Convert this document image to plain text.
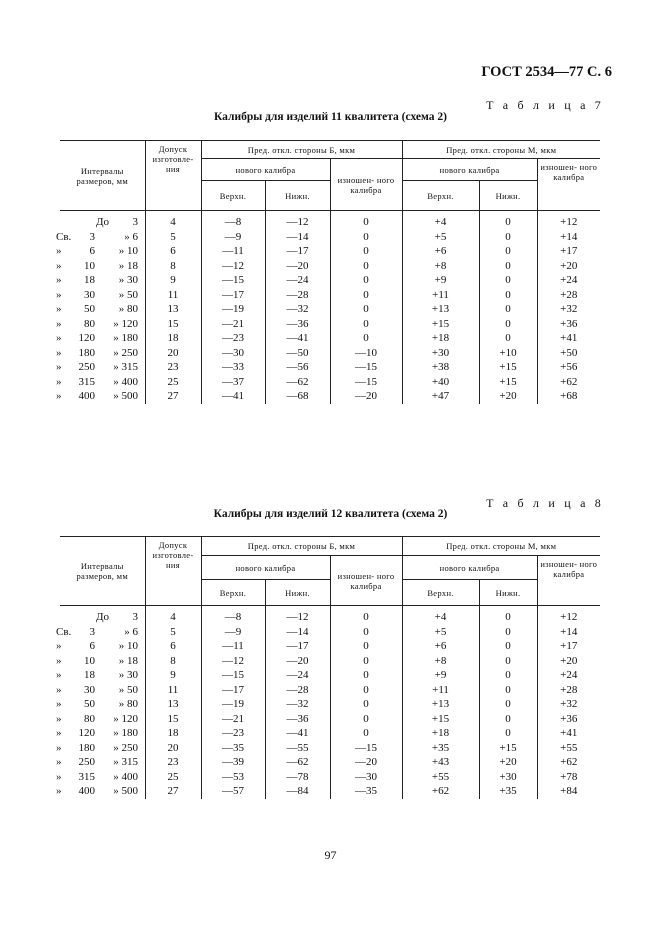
ГОСТ 2534—77 С. 6
Т а б л и ц а 7
Калибры для изделий 11 квалитета (схема 2)
Интервалы размеров, мм	Допуск изготовле- ния	Пред. откл. стороны Б, мкм			Пред. откл. стороны М, мкм		
		нового калибра		изношен- ного калибра	нового калибра		изношен- ного калибра
		Верхн.	Нижн.		Верхн.	Нижн.	

До 3	4	—8	—12	0	+4	0	+12

Св. 3 » 6	5	—9	—14	0	+5	0	+14

» 6 » 10	6	—11	—17	0	+6	0	+17

» 10 » 18	8	—12	—20	0	+8	0	+20

» 18 » 30	9	—15	—24	0	+9	0	+24

» 30 » 50	11	—17	—28	0	+11	0	+28

» 50 » 80	13	—19	—32	0	+13	0	+32

» 80 » 120	15	—21	—36	0	+15	0	+36

» 120 » 180	18	—23	—41	0	+18	0	+41

» 180 » 250	20	—30	—50	—10	+30	+10	+50

» 250 » 315	23	—33	—56	—15	+38	+15	+56

» 315 » 400	25	—37	—62	—15	+40	+15	+62

» 400 » 500	27	—41	—68	—20	+47	+20	+68
Т а б л и ц а 8
Калибры для изделий 12 квалитета (схема 2)
Интервалы размеров, мм	Допуск изготовле- ния	Пред. откл. стороны Б, мкм			Пред. откл. стороны М, мкм		
		нового калибра		изношен- ного калибра	нового калибра		изношен- ного калибра
		Верхн.	Нижн.		Верхн.	Нижн.	

До 3	4	—8	—12	0	+4	0	+12

Св. 3 » 6	5	—9	—14	0	+5	0	+14

» 6 » 10	6	—11	—17	0	+6	0	+17

» 10 » 18	8	—12	—20	0	+8	0	+20

» 18 » 30	9	—15	—24	0	+9	0	+24

» 30 » 50	11	—17	—28	0	+11	0	+28

» 50 » 80	13	—19	—32	0	+13	0	+32

» 80 » 120	15	—21	—36	0	+15	0	+36

» 120 » 180	18	—23	—41	0	+18	0	+41

» 180 » 250	20	—35	—55	—15	+35	+15	+55

» 250 » 315	23	—39	—62	—20	+43	+20	+62

» 315 » 400	25	—53	—78	—30	+55	+30	+78

» 400 » 500	27	—57	—84	—35	+62	+35	+84
97
